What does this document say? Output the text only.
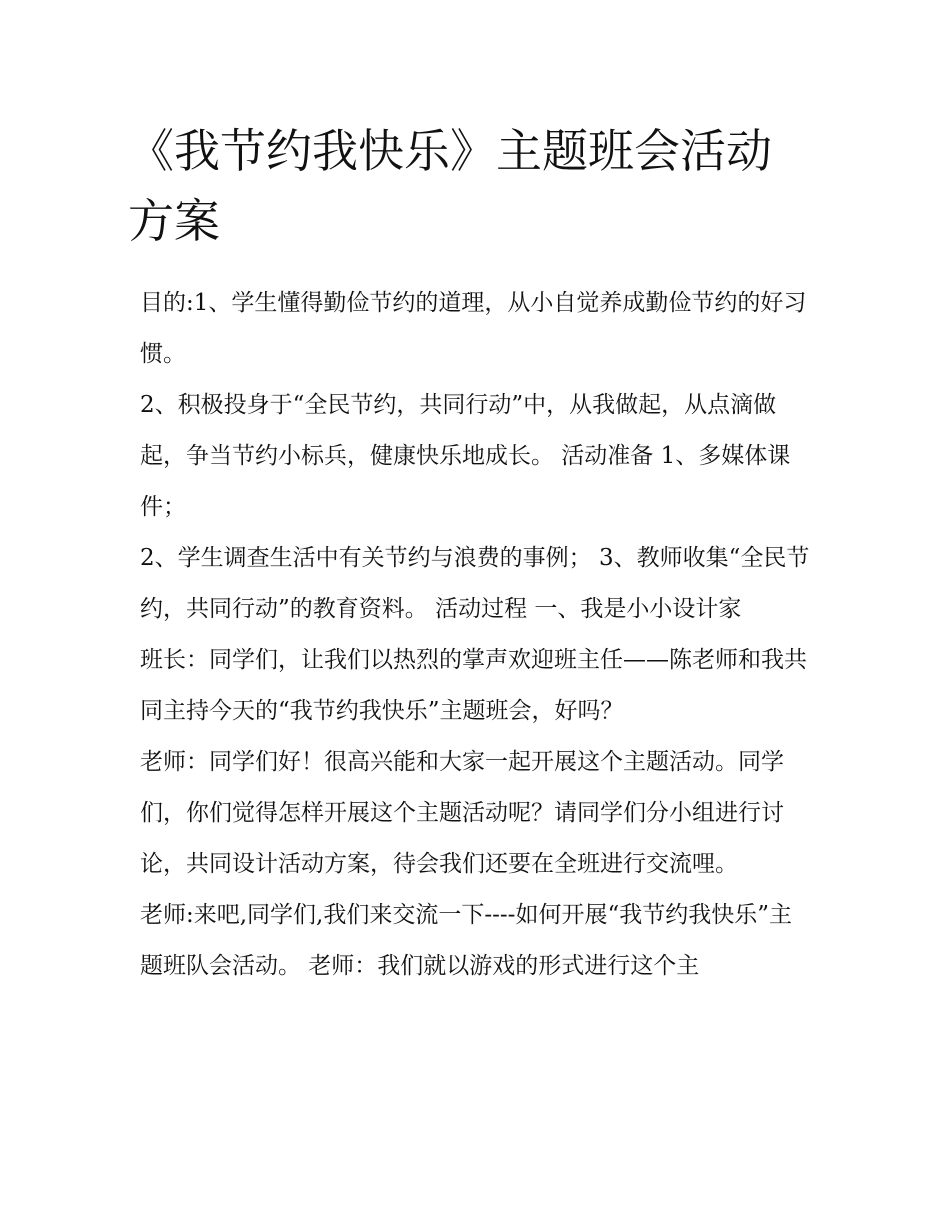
《我节约我快乐》主题班会活动方案

目的:1、学生懂得勤俭节约的道理，从小自觉养成勤俭节约的好习惯。

2、积极投身于“全民节约，共同行动”中，从我做起，从点滴做起，争当节约小标兵，健康快乐地成长。 活动准备 1、多媒体课件；

2、学生调查生活中有关节约与浪费的事例； 3、教师收集“全民节约，共同行动”的教育资料。 活动过程 一、我是小小设计家

班长：同学们，让我们以热烈的掌声欢迎班主任——陈老师和我共同主持今天的“我节约我快乐”主题班会，好吗？

老师：同学们好！很高兴能和大家一起开展这个主题活动。同学们，你们觉得怎样开展这个主题活动呢？请同学们分小组进行讨论，共同设计活动方案，待会我们还要在全班进行交流哩。

老师:来吧,同学们,我们来交流一下----如何开展“我节约我快乐”主题班队会活动。 老师：我们就以游戏的形式进行这个主
